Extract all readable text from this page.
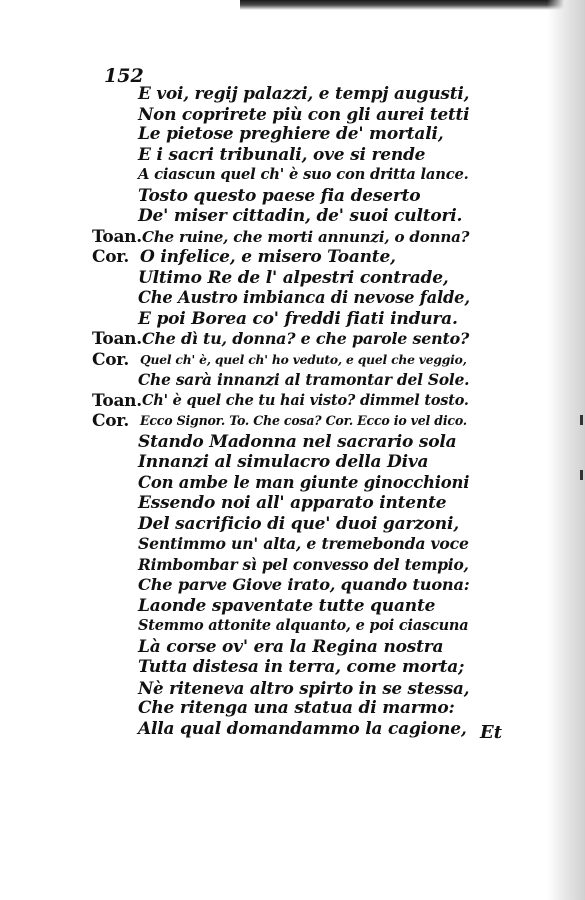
152
E voi, regij palazzi, e tempj augusti,
Non coprirete più con gli aurei tetti
Le pietose preghiere de' mortali,
E i sacri tribunali, ove si rende
A ciascun quel ch' è suo con dritta lance.
Tosto questo paese fia deserto
De' miser cittadin, de' suoi cultori.
Toan. Che ruine, che morti annunzi, o donna?
Cor. O infelice, e misero Toante,
Ultimo Re de l' alpestri contrade,
Che Austro imbianca di nevose falde,
E poi Borea co' freddi fiati indura.
Toan. Che dì tu, donna? e che parole sento?
Cor. Quel ch' è, quel ch' ho veduto, e quel che veggio,
Che sarà innanzi al tramontar del Sole.
Toan. Ch' è quel che tu hai visto? dimmel tosto.
Cor. Ecco Signor. To. Che cosa? Cor. Ecco io vel dico.
Stando Madonna nel sacrario sola
Innanzi al simulacro della Diva
Con ambe le man giunte ginocchioni
Essendo noi all' apparato intente
Del sacrificio di que' duoi garzoni,
Sentimmo un' alta, e tremebonda voce
Rimbombar sì pel convesso del tempio,
Che parve Giove irato, quando tuona:
Laonde spaventate tutte quante
Stemmo attonite alquanto, e poi ciascuna
Là corse ov' era la Regina nostra
Tutta distesa in terra, come morta;
Nè riteneva altro spirto in se stessa,
Che ritenga una statua di marmo:
Alla qual domandammo la cagione, Et
